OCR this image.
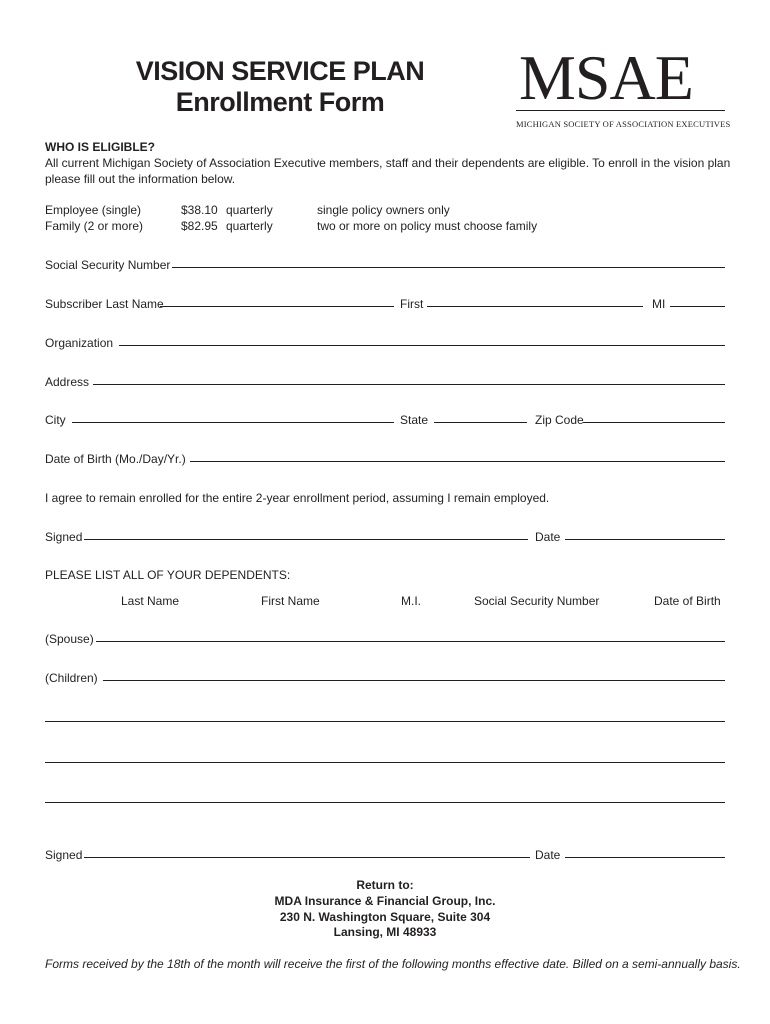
VISION SERVICE PLAN
Enrollment Form	MSAE
MICHIGAN SOCIETY OF ASSOCIATION EXECUTIVES
WHO IS ELIGIBLE?
All current Michigan Society of Association Executive members, staff and their dependents are eligible. To enroll in the vision plan
please fill out the information below.
Employee (single)	$38.10 quarterly	single policy owners only
Family (2 or more)	$82.95 quarterly	two or more on policy must choose family
Social Security Number
Subscriber Last Name	First	MI
Organization
Address
City	State	Zip Code
Date of Birth (Mo./Day/Yr.)
I agree to remain enrolled for the entire 2-year enrollment period, assuming I remain employed.
Signed	Date
PLEASE LIST ALL OF YOUR DEPENDENTS:
Last Name	First Name	M.I.	Social Security Number	Date of Birth
(Spouse)
(Children)
Signed	Date
Return to:
MDA Insurance & Financial Group, Inc.
230 N. Washington Square, Suite 304
Lansing, MI 48933
Forms received by the 18th of the month will receive the first of the following months effective date. Billed on a semi-annually basis.
